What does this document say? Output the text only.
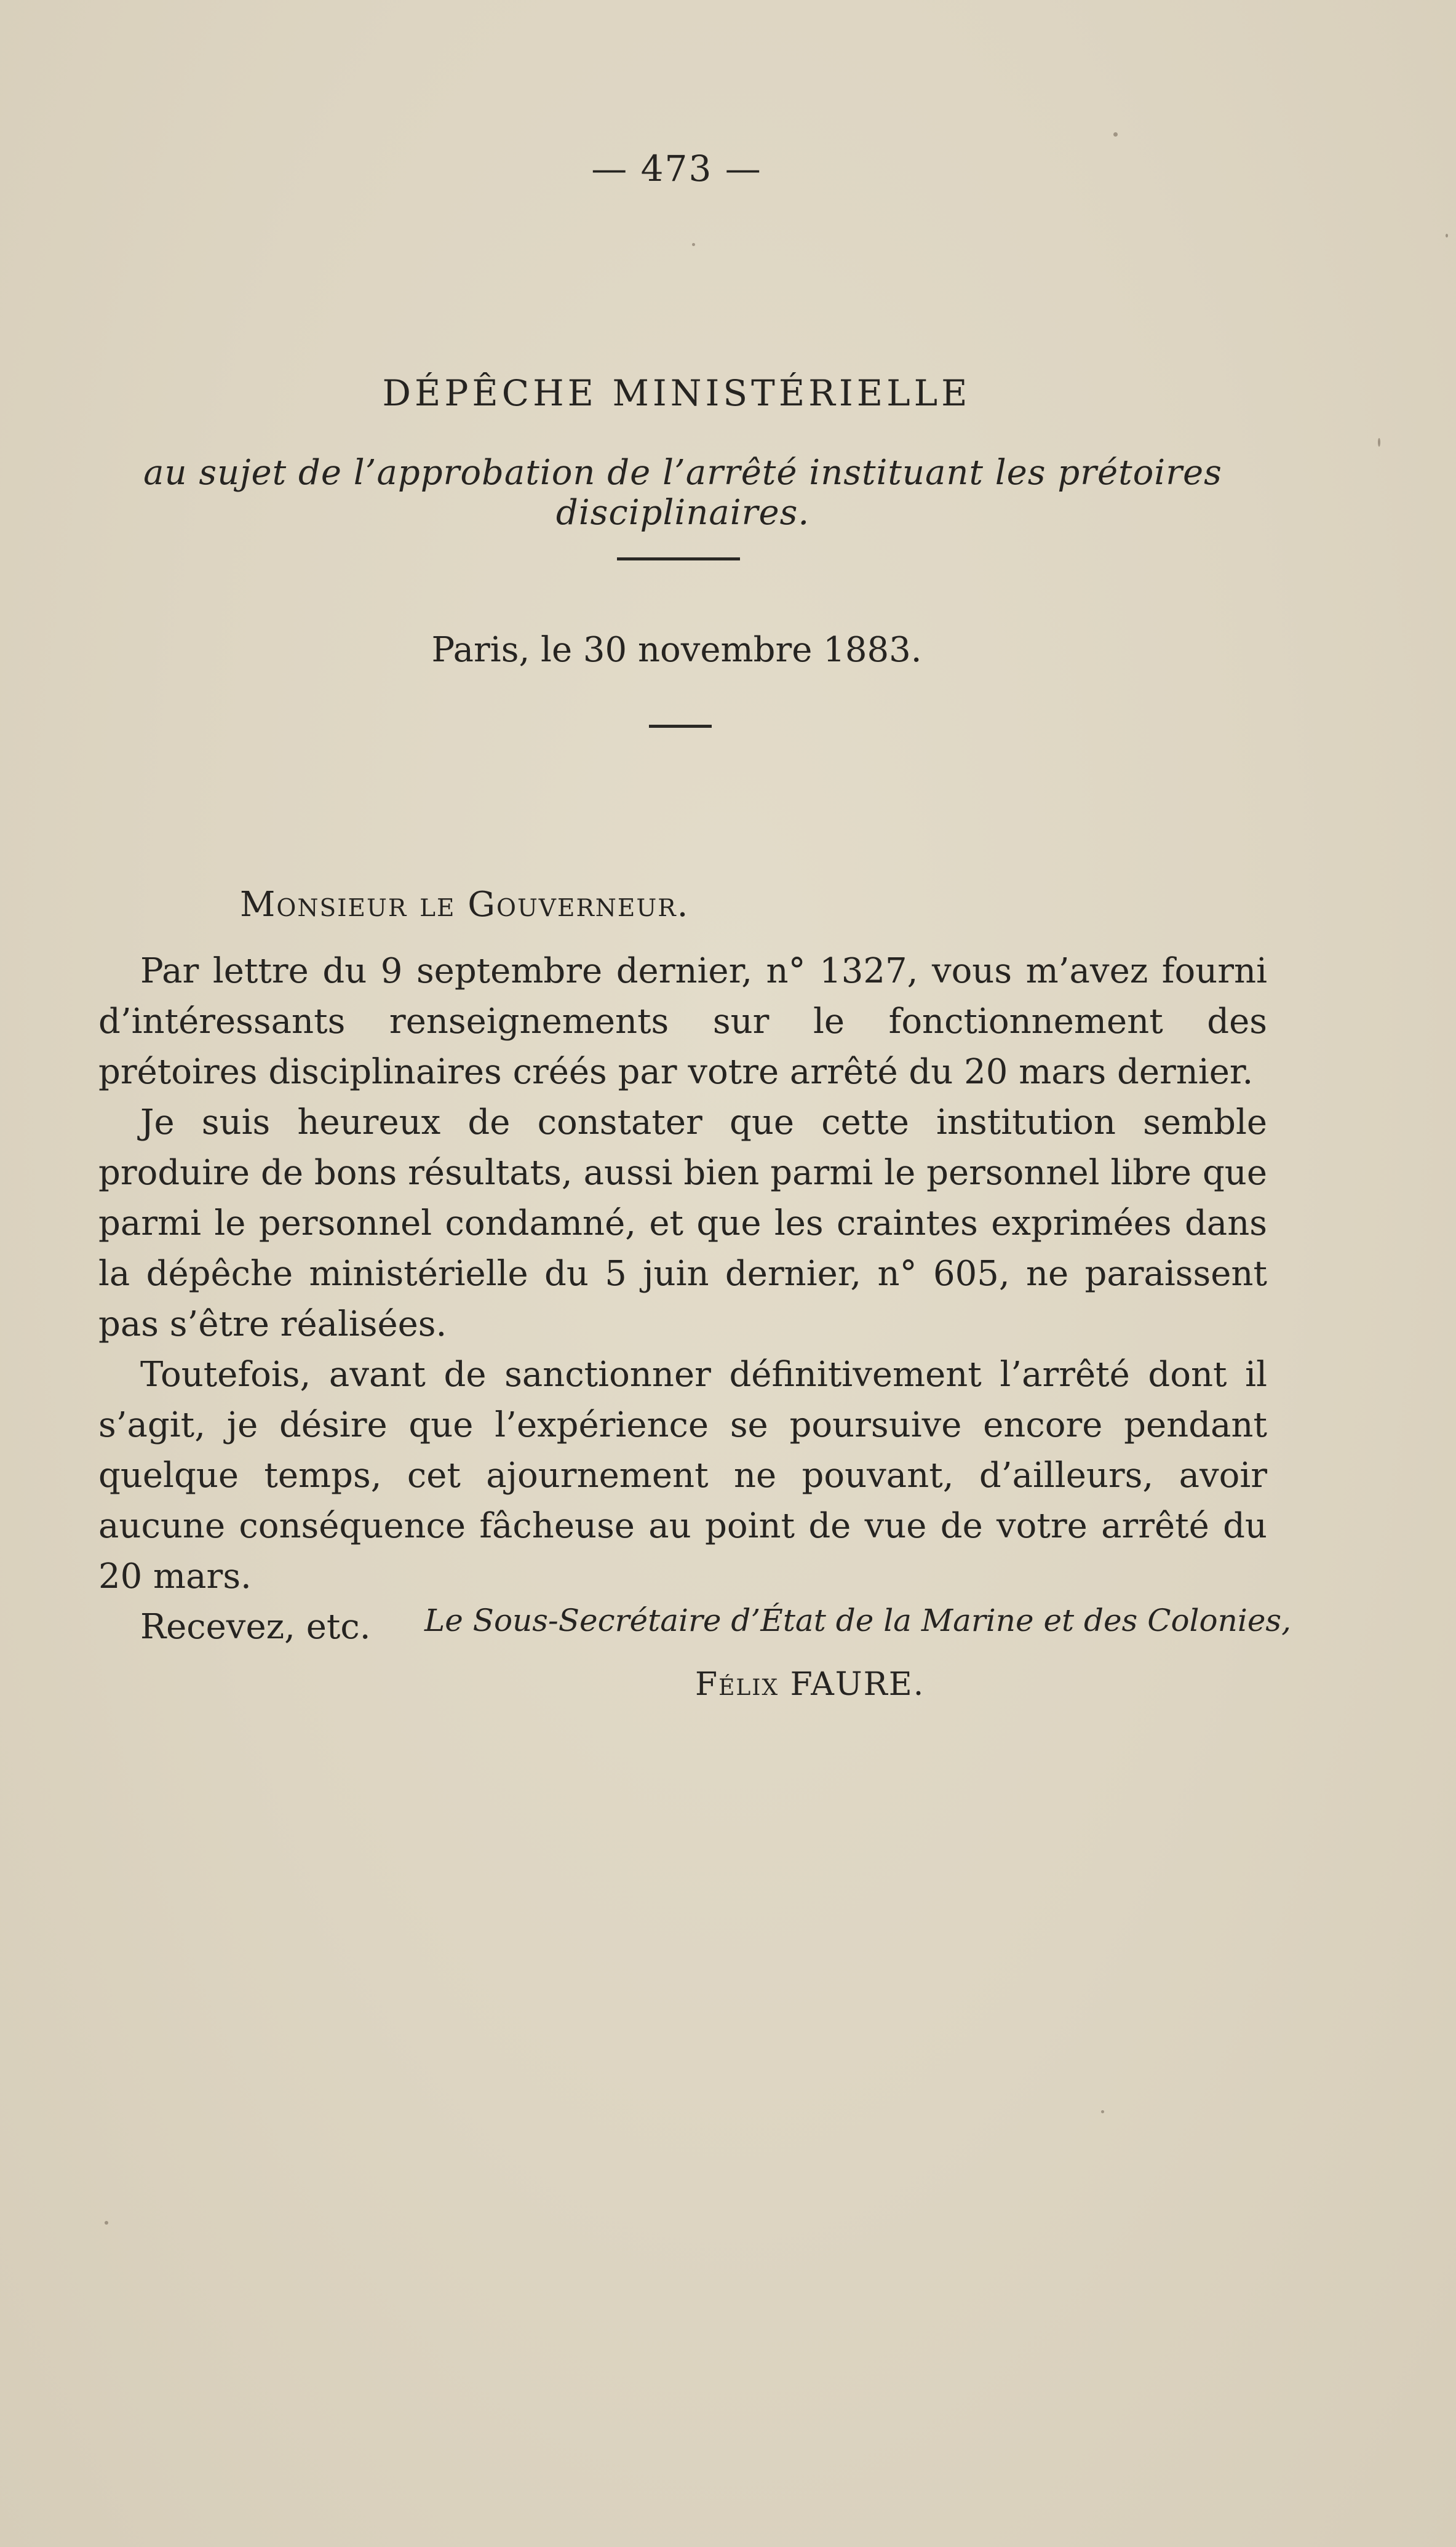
— 473 —
DÉPÊCHE MINISTÉRIELLE
au sujet de l’approbation de l’arrêté instituant les prétoires disciplinaires.
Paris, le 30 novembre 1883.
Monsieur le Gouverneur.

Par lettre du 9 septembre dernier, n° 1327, vous m’avez fourni d’intéressants renseignements sur le fonctionnement des prétoires disciplinaires créés par votre arrêté du 20 mars dernier.

Je suis heureux de constater que cette institution semble produire de bons résultats, aussi bien parmi le personnel libre que parmi le personnel condamné, et que les craintes exprimées dans la dépêche ministérielle du 5 juin dernier, n° 605, ne paraissent pas s’être réalisées.

Toutefois, avant de sanctionner définitivement l’arrêté dont il s’agit, je désire que l’expérience se poursuive encore pendant quelque temps, cet ajournement ne pouvant, d’ailleurs, avoir aucune conséquence fâcheuse au point de vue de votre arrêté du 20 mars.

Recevez, etc.	Le Sous-Secrétaire d’État de la Marine et des Colonies,
Félix FAURE.
